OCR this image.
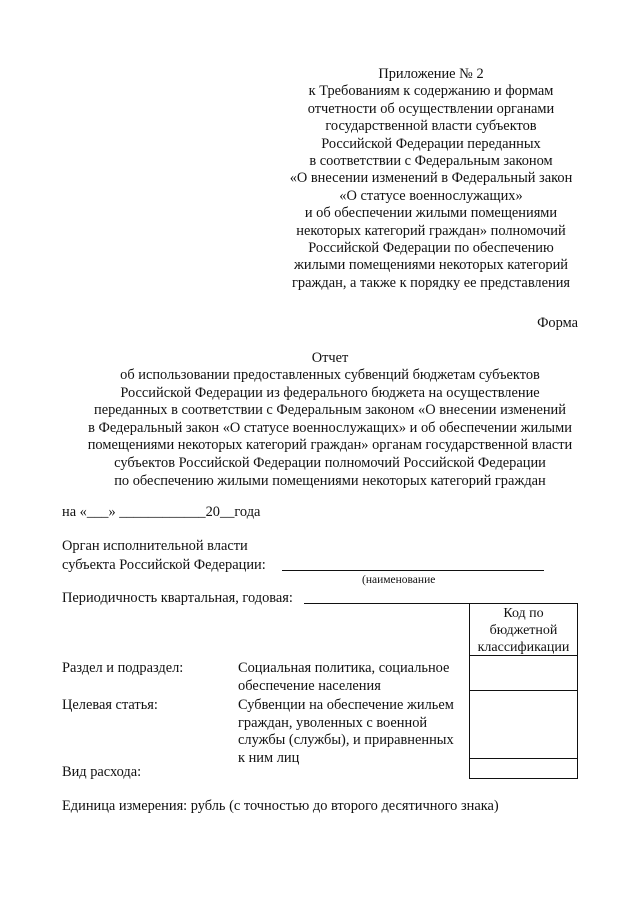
Приложение № 2
к Требованиям к содержанию и формам
отчетности об осуществлении органами
государственной власти субъектов
Российской Федерации переданных
в соответствии с Федеральным законом
«О внесении изменений в Федеральный закон
«О статусе военнослужащих»
и об обеспечении жилыми помещениями
некоторых категорий граждан» полномочий
Российской Федерации по обеспечению
жилыми помещениями некоторых категорий
граждан, а также к порядку ее представления
Форма
Отчет
об использовании предоставленных субвенций бюджетам субъектов
Российской Федерации из федерального бюджета на осуществление
переданных в соответствии с Федеральным законом «О внесении изменений
в Федеральный закон «О статусе военнослужащих» и об обеспечении жилыми
помещениями некоторых категорий граждан» органам государственной власти
субъектов Российской Федерации полномочий Российской Федерации
по обеспечению жилыми помещениями некоторых категорий граждан
на «___» ____________20__года
Орган исполнительной власти
субъекта Российской Федерации:
(наименование
Периодичность квартальная, годовая:
Код по
бюджетной
классификации
Раздел и подраздел:	Социальная политика, социальное
обеспечение населения
Целевая статья:	Субвенции на обеспечение жильем
граждан, уволенных с военной
службы (службы), и приравненных
к ним лиц
Вид расхода:
Единица измерения: рубль (с точностью до второго десятичного знака)
